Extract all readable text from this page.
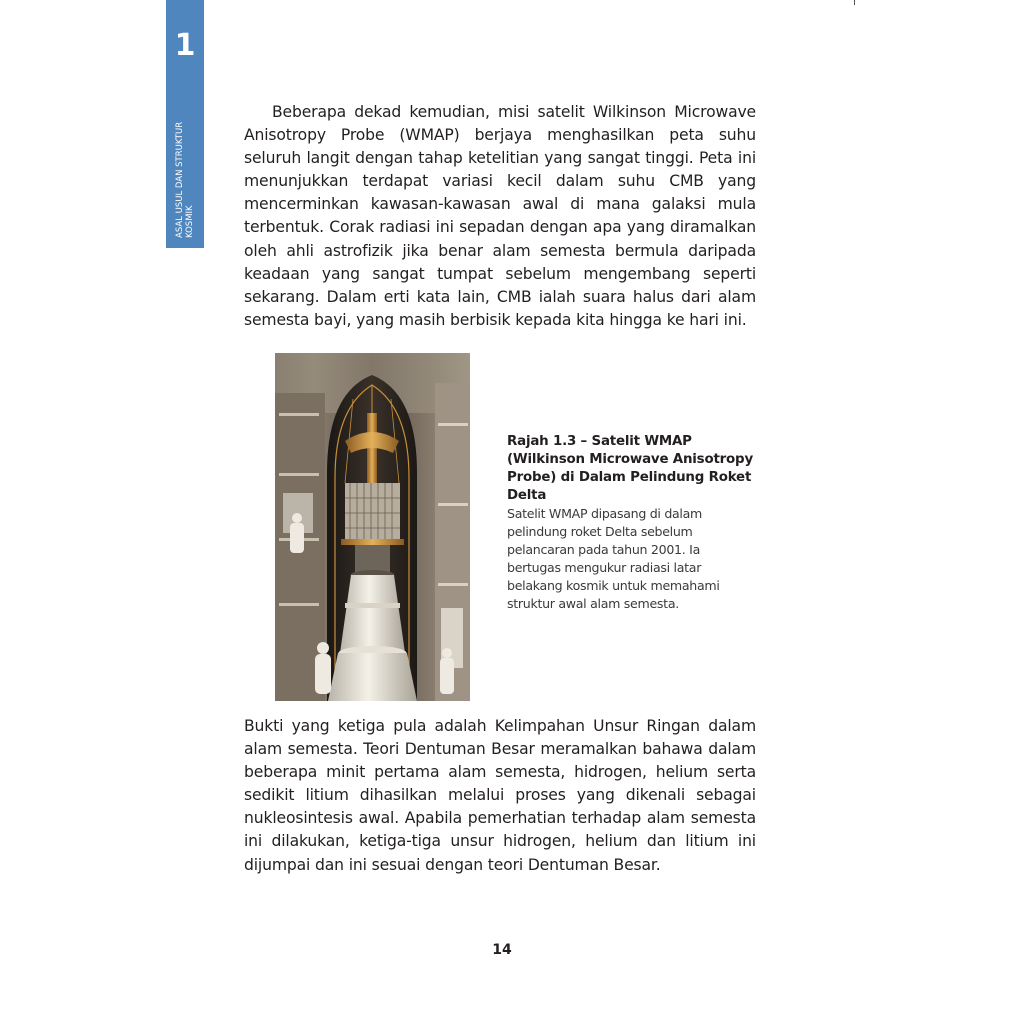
1
ASAL USUL DAN STRUKTUR
KOSMIK

Beberapa dekad kemudian, misi satelit Wilkinson Microwave Anisotropy Probe (WMAP) berjaya menghasilkan peta suhu seluruh langit dengan tahap ketelitian yang sangat tinggi. Peta ini menunjukkan terdapat variasi kecil dalam suhu CMB yang mencerminkan kawasan-kawasan awal di mana galaksi mula terbentuk. Corak radiasi ini sepadan dengan apa yang diramalkan oleh ahli astrofizik jika benar alam semesta bermula daripada keadaan yang sangat tumpat sebelum mengembang seperti sekarang. Dalam erti kata lain, CMB ialah suara halus dari alam semesta bayi, yang masih berbisik kepada kita hingga ke hari ini.

Rajah 1.3 – Satelit WMAP (Wilkinson Microwave Anisotropy Probe) di Dalam Pelindung Roket Delta

Satelit WMAP dipasang di dalam pelindung roket Delta sebelum pelancaran pada tahun 2001. Ia bertugas mengukur radiasi latar belakang kosmik untuk memahami struktur awal alam semesta.

Bukti yang ketiga pula adalah Kelimpahan Unsur Ringan dalam alam semesta. Teori Dentuman Besar meramalkan bahawa dalam beberapa minit pertama alam semesta, hidrogen, helium serta sedikit litium dihasilkan melalui proses yang dikenali sebagai nukleosintesis awal. Apabila pemerhatian terhadap alam semesta ini dilakukan, ketiga-tiga unsur hidrogen, helium dan litium ini dijumpai dan ini sesuai dengan teori Dentuman Besar.

14
